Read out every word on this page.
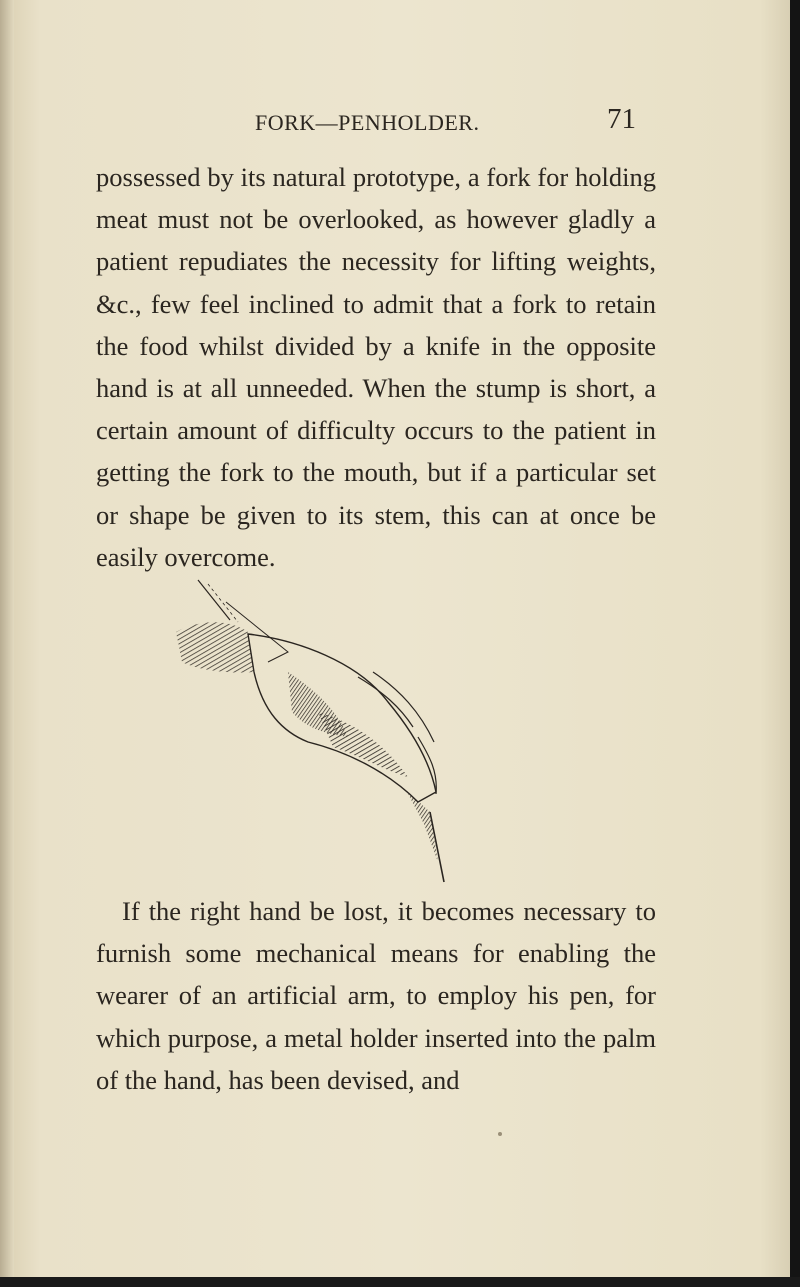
FORK—PENHOLDER.	71

possessed by its natural prototype, a fork for holding meat must not be overlooked, as however gladly a patient repudiates the necessity for lifting weights, &c., few feel inclined to admit that a fork to retain the food whilst divided by a knife in the opposite hand is at all unneeded. When the stump is short, a certain amount of difficulty occurs to the patient in getting the fork to the mouth, but if a particular set or shape be given to its stem, this can at once be easily overcome.

If the right hand be lost, it becomes necessary to furnish some mechanical means for enabling the wearer of an artificial arm, to employ his pen, for which purpose, a metal holder inserted into the palm of the hand, has been devised, and
